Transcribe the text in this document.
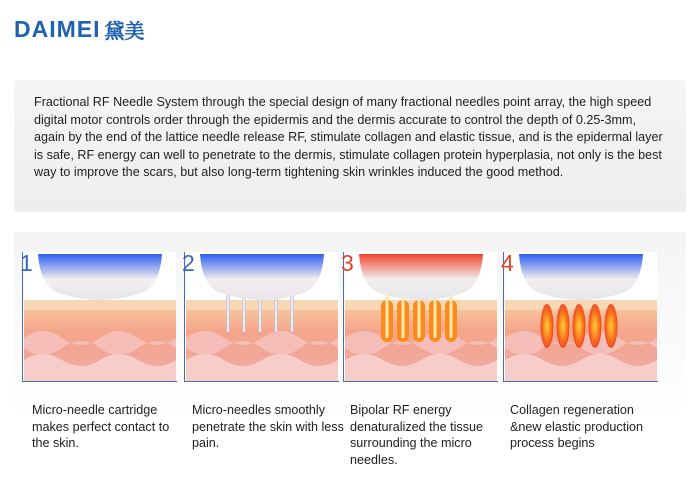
DAIMEI 黛美

Fractional RF Needle System through the special design of many fractional needles point array, the high speed digital motor controls order through the epidermis and the dermis accurate to control the depth of 0.25-3mm, again by the end of the lattice needle release RF, stimulate collagen and elastic tissue, and is the epidermal layer is safe, RF energy can well to penetrate to the dermis, stimulate collagen protein hyperplasia, not only is the best way to improve the scars, but also long-term tightening skin wrinkles induced the good method.

1	2	3	4

Micro-needle cartridge makes perfect contact to the skin.

Micro-needles smoothly penetrate the skin with less pain.

Bipolar RF energy denaturalized the tissue surrounding the micro needles.

Collagen regeneration &new elastic production process begins
